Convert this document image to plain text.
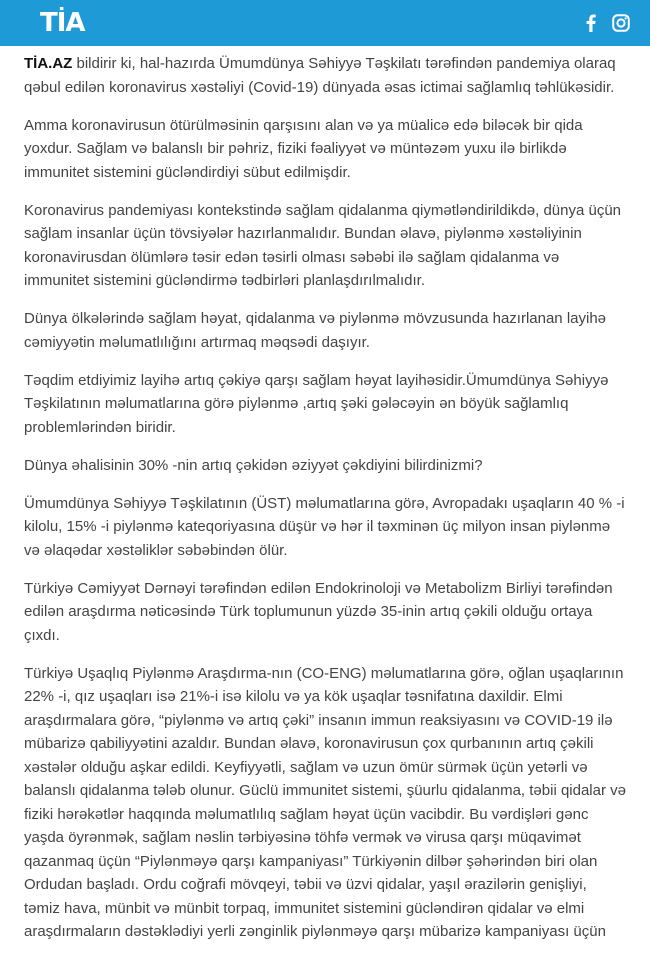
TİA

TİA.AZ bildirir ki, hal-hazırda Ümumdünya Səhiyyə Təşkilatı tərəfindən pandemiya olaraq qəbul edilən koronavirus xəstəliyi (Covid-19) dünyada əsas ictimai sağlamlıq təhlükəsidir.

Amma koronavirusun ötürülməsinin qarşısını alan və ya müalicə edə biləcək bir qida yoxdur. Sağlam və balanslı bir pəhriz, fiziki fəaliyyət və müntəzəm yuxu ilə birlikdə immunitet sistemini gücləndirdiyi sübut edilmişdir.

Koronavirus pandemiyası kontekstində sağlam qidalanma qiymətləndirildikdə, dünya üçün sağlam insanlar üçün tövsiyələr hazırlanmalıdır. Bundan əlavə, piylənmə xəstəliyinin koronavirusdan ölümlərə təsir edən təsirli olması səbəbi ilə sağlam qidalanma və immunitet sistemini gücləndirmə tədbirləri planlaşdırılmalıdır.

Dünya ölkələrində sağlam həyat, qidalanma və piylənmə mövzusunda hazırlanan layihə cəmiyyətin məlumatlılığını artırmaq məqsədi daşıyır.

Təqdim etdiyimiz layihə artıq çəkiyə qarşı sağlam həyat layihəsidir.Ümumdünya Səhiyyə Təşkilatının məlumatlarına görə piylənmə ,artıq şəki gələcəyin ən böyük sağlamlıq problemlərindən biridir.

Dünya əhalisinin 30% -nin artıq çəkidən əziyyət çəkdiyini bilirdinizmi?

Ümumdünya Səhiyyə Təşkilatının (ÜST) məlumatlarına görə, Avropadakı uşaqların 40 % -i kilolu, 15% -i piylənmə kateqoriyasına düşür və hər il təxminən üç milyon insan piylənmə və əlaqədar xəstəliklər səbəbindən ölür.

Türkiyə Cəmiyyət Dərnəyi tərəfindən edilən Endokrinoloji və Metabolizm Birliyi tərəfindən edilən araşdırma nəticəsində Türk toplumunun yüzdə 35-inin artıq çəkili olduğu ortaya çıxdı.

Türkiyə Uşaqlıq Piylənmə Araşdırma-nın (CO-ENG) məlumatlarına görə, oğlan uşaqlarının 22% -i, qız uşaqları isə 21%-i isə kilolu və ya kök uşaqlar təsnifatına daxildir. Elmi araşdırmalara görə, “piylənmə və artıq çəki” insanın immun reaksiyasını və COVID-19 ilə mübarizə qabiliyyətini azaldır. Bundan əlavə, koronavirusun çox qurbanının artıq çəkili xəstələr olduğu aşkar edildi. Keyfiyyətli, sağlam və uzun ömür sürmək üçün yetərli və balanslı qidalanma tələb olunur. Güclü immunitet sistemi, şüurlu qidalanma, təbii qidalar və fiziki hərəkətlər haqqında məlumatlılıq sağlam həyat üçün vacibdir. Bu vərdişləri gənc yaşda öyrənmək, sağlam nəslin tərbiyəsinə töhfə vermək və virusa qarşı müqavimət qazanmaq üçün “Piylənməyə qarşı kampaniyası” Türkiyənin dilbər şəhərindən biri olan Ordudan başladı. Ordu coğrafi mövqeyi, təbii və üzvi qidalar, yaşıl ərazilərin genişliyi, təmiz hava, münbit və münbit torpaq, immunitet sistemini gücləndirən qidalar və elmi araşdırmaların dəstəklədiyi yerli zənginlik piylənməyə qarşı mübarizə kampaniyası üçün
